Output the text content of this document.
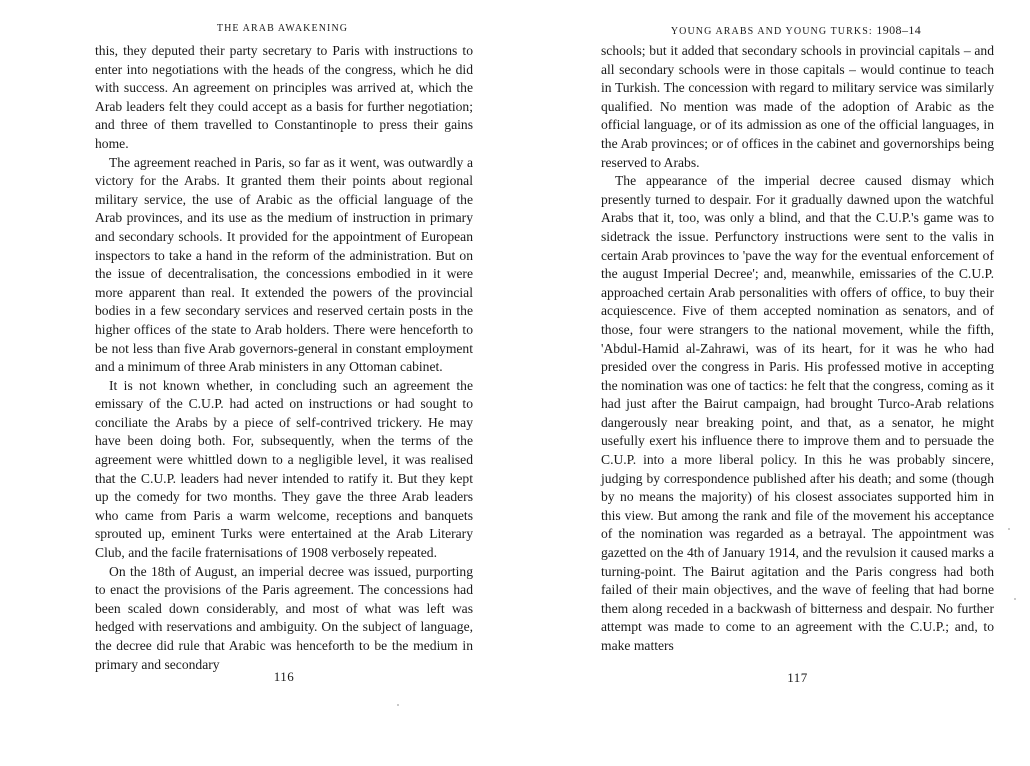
THE ARAB AWAKENING

this, they deputed their party secretary to Paris with instructions to enter into negotiations with the heads of the congress, which he did with success. An agreement on principles was arrived at, which the Arab leaders felt they could accept as a basis for further negotiation; and three of them travelled to Constantinople to press their gains home.

The agreement reached in Paris, so far as it went, was outwardly a victory for the Arabs. It granted them their points about regional military service, the use of Arabic as the official language of the Arab provinces, and its use as the medium of instruction in primary and secondary schools. It provided for the appointment of European inspectors to take a hand in the reform of the administration. But on the issue of decentralisation, the concessions embodied in it were more apparent than real. It extended the powers of the provincial bodies in a few secondary services and reserved certain posts in the higher offices of the state to Arab holders. There were henceforth to be not less than five Arab governors-general in constant employment and a minimum of three Arab ministers in any Ottoman cabinet.

It is not known whether, in concluding such an agreement the emissary of the C.U.P. had acted on instructions or had sought to conciliate the Arabs by a piece of self-contrived trickery. He may have been doing both. For, subsequently, when the terms of the agreement were whittled down to a negligible level, it was realised that the C.U.P. leaders had never intended to ratify it. But they kept up the comedy for two months. They gave the three Arab leaders who came from Paris a warm welcome, receptions and banquets sprouted up, eminent Turks were entertained at the Arab Literary Club, and the facile fraternisations of 1908 verbosely repeated.

On the 18th of August, an imperial decree was issued, purporting to enact the provisions of the Paris agreement. The concessions had been scaled down considerably, and most of what was left was hedged with reservations and ambiguity. On the subject of language, the decree did rule that Arabic was henceforth to be the medium in primary and secondary

116
YOUNG ARABS AND YOUNG TURKS: 1908–14

schools; but it added that secondary schools in provincial capitals – and all secondary schools were in those capitals – would continue to teach in Turkish. The concession with regard to military service was similarly qualified. No mention was made of the adoption of Arabic as the official language, or of its admission as one of the official languages, in the Arab provinces; or of offices in the cabinet and governorships being reserved to Arabs.

The appearance of the imperial decree caused dismay which presently turned to despair. For it gradually dawned upon the watchful Arabs that it, too, was only a blind, and that the C.U.P.'s game was to sidetrack the issue. Perfunctory instructions were sent to the valis in certain Arab provinces to 'pave the way for the eventual enforcement of the august Imperial Decree'; and, meanwhile, emissaries of the C.U.P. approached certain Arab personalities with offers of office, to buy their acquiescence. Five of them accepted nomination as senators, and of those, four were strangers to the national movement, while the fifth, 'Abdul-Hamid al-Zahrawi, was of its heart, for it was he who had presided over the congress in Paris. His professed motive in accepting the nomination was one of tactics: he felt that the congress, coming as it had just after the Bairut campaign, had brought Turco-Arab relations dangerously near breaking point, and that, as a senator, he might usefully exert his influence there to improve them and to persuade the C.U.P. into a more liberal policy. In this he was probably sincere, judging by correspondence published after his death; and some (though by no means the majority) of his closest associates supported him in this view. But among the rank and file of the movement his acceptance of the nomination was regarded as a betrayal. The appointment was gazetted on the 4th of January 1914, and the revulsion it caused marks a turning-point. The Bairut agitation and the Paris congress had both failed of their main objectives, and the wave of feeling that had borne them along receded in a backwash of bitterness and despair. No further attempt was made to come to an agreement with the C.U.P.; and, to make matters

117
